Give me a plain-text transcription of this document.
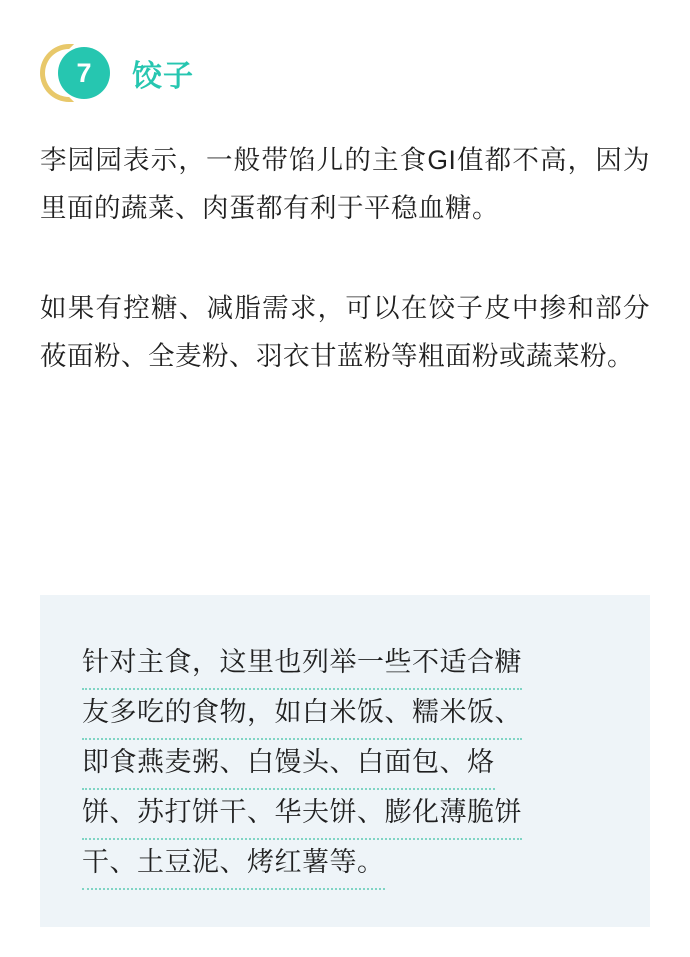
7	饺子

李园园表示，一般带馅儿的主食GI值都不高，因为里面的蔬菜、肉蛋都有利于平稳血糖。

如果有控糖、减脂需求，可以在饺子皮中掺和部分莜面粉、全麦粉、羽衣甘蓝粉等粗面粉或蔬菜粉。

针对主食，这里也列举一些不适合糖
友多吃的食物，如白米饭、糯米饭、
即食燕麦粥、白馒头、白面包、烙
饼、苏打饼干、华夫饼、膨化薄脆饼
干、土豆泥、烤红薯等。
